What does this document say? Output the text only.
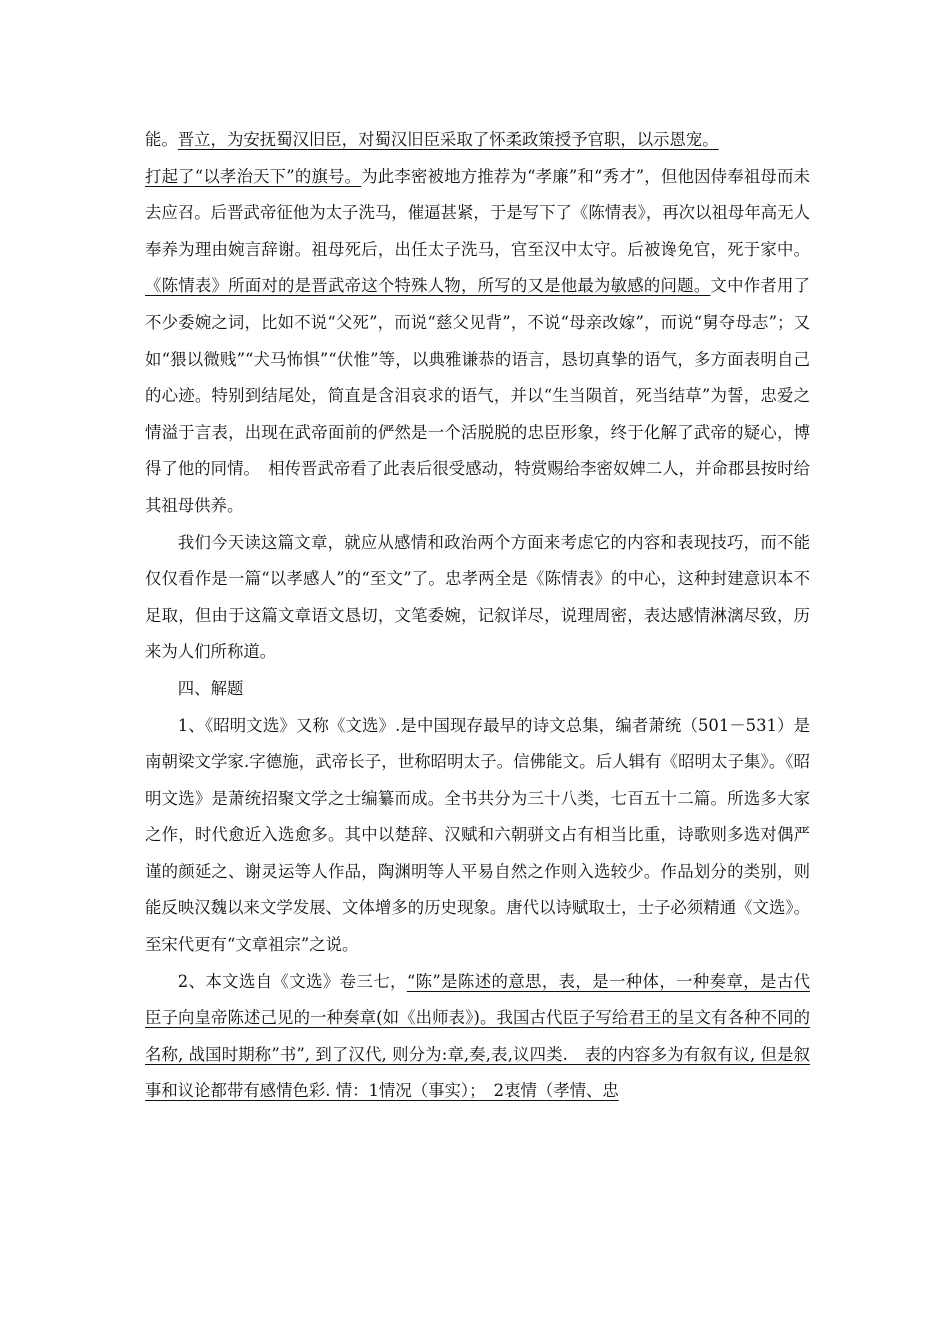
能。晋立，为安抚蜀汉旧臣，对蜀汉旧臣采取了怀柔政策授予官职，以示恩宠。

打起了“以孝治天下”的旗号。为此李密被地方推荐为“孝廉”和“秀才”，但他因侍奉祖母而未去应召。后晋武帝征他为太子洗马，催逼甚紧，于是写下了《陈情表》，再次以祖母年高无人奉养为理由婉言辞谢。祖母死后，出任太子洗马，官至汉中太守。后被谗免官，死于家中。《陈情表》所面对的是晋武帝这个特殊人物，所写的又是他最为敏感的问题。文中作者用了不少委婉之词，比如不说“父死”，而说“慈父见背”，不说“母亲改嫁”，而说“舅夺母志”；又如“猥以微贱”“犬马怖惧”“伏惟”等，以典雅谦恭的语言，恳切真挚的语气，多方面表明自己的心迹。特别到结尾处，简直是含泪哀求的语气，并以“生当陨首，死当结草”为誓，忠爱之情溢于言表，出现在武帝面前的俨然是一个活脱脱的忠臣形象，终于化解了武帝的疑心，博得了他的同情。　相传晋武帝看了此表后很受感动，特赏赐给李密奴婢二人，并命郡县按时给其祖母供养。

我们今天读这篇文章，就应从感情和政治两个方面来考虑它的内容和表现技巧，而不能仅仅看作是一篇“以孝感人”的“至文”了。忠孝两全是《陈情表》的中心，这种封建意识本不足取，但由于这篇文章语文恳切，文笔委婉，记叙详尽，说理周密，表达感情淋漓尽致，历来为人们所称道。

四、解题

1、《昭明文选》又称《文选》.是中国现存最早的诗文总集，编者萧统（501－531）是南朝梁文学家.字德施，武帝长子，世称昭明太子。信佛能文。后人辑有《昭明太子集》。《昭明文选》是萧统招聚文学之士编纂而成。全书共分为三十八类，七百五十二篇。所选多大家之作，时代愈近入选愈多。其中以楚辞、汉赋和六朝骈文占有相当比重，诗歌则多选对偶严谨的颜延之、谢灵运等人作品，陶渊明等人平易自然之作则入选较少。作品划分的类别，则能反映汉魏以来文学发展、文体增多的历史现象。唐代以诗赋取士，士子必须精通《文选》。至宋代更有“文章祖宗”之说。

2、本文选自《文选》卷三七，“陈”是陈述的意思，表，是一种体，一种奏章，是古代臣子向皇帝陈述己见的一种奏章(如《出师表》)。我国古代臣子写给君王的呈文有各种不同的名称, 战国时期称”书”, 到了汉代, 则分为:章,奏,表,议四类.　表的内容多为有叙有议, 但是叙事和议论都带有感情色彩. 情：1情况（事实）；　2衷情（孝情、忠
